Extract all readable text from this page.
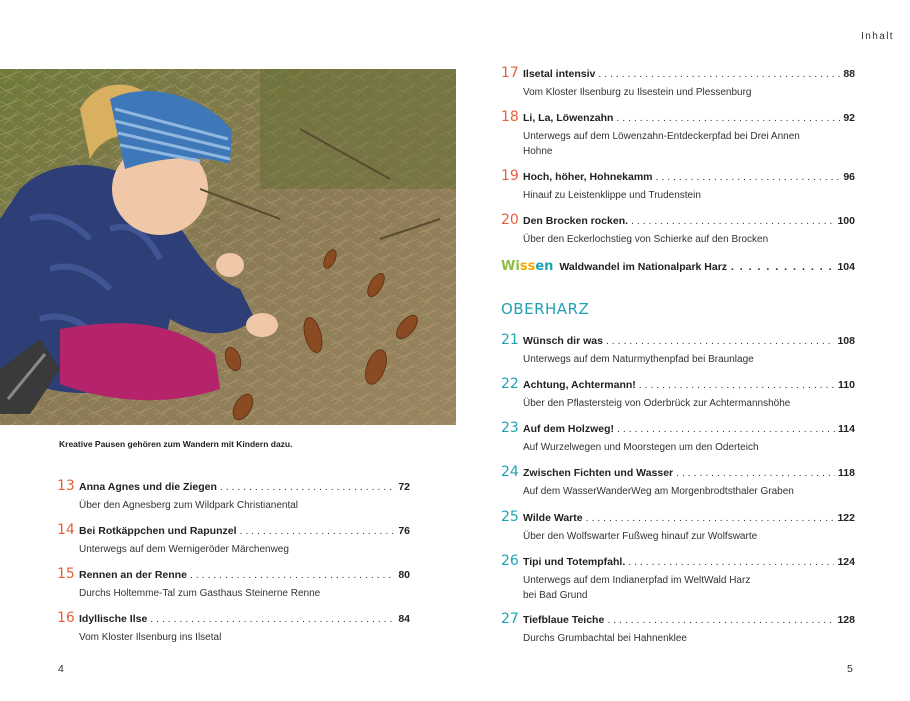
Inhalt
Kreative Pausen gehören zum Wandern mit Kindern dazu.
13 Anna Agnes und die Ziegen . . .	72
Über den Agnesberg zum Wildpark Christianental
14 Bei Rotkäppchen und Rapunzel . . .	76
Unterwegs auf dem Wernigeröder Märchenweg
15 Rennen an der Renne . . .	80
Durchs Holtemme-Tal zum Gasthaus Steinerne Renne
16 Idyllische Ilse . . .	84
Vom Kloster Ilsenburg ins Ilsetal
4
17 Ilsetal intensiv . . .	88
Vom Kloster Ilsenburg zu Ilsestein und Plessenburg
18 Li, La, Löwenzahn . . .	92
Unterwegs auf dem Löwenzahn-Entdeckerpfad bei Drei Annen
Hohne
19 Hoch, höher, Hohnekamm . . .	96
Hinauf zu Leistenklippe und Trudenstein
20 Den Brocken rocken. . . .	100
Über den Eckerlochstieg von Schierke auf den Brocken
Wissen Waldwandel im Nationalpark Harz . . .	104
OBERHARZ
21 Wünsch dir was . . .	108
Unterwegs auf dem Naturmythenpfad bei Braunlage
22 Achtung, Achtermann! . . .	110
Über den Pflastersteig von Oderbrück zur Achtermannshöhe
23 Auf dem Holzweg! . . .	114
Auf Wurzelwegen und Moorstegen um den Oderteich
24 Zwischen Fichten und Wasser . . .	118
Auf dem WasserWanderWeg am Morgenbrodtsthaler Graben
25 Wilde Warte . . .	122
Über den Wolfswarter Fußweg hinauf zur Wolfswarte
26 Tipi und Totempfahl. . . .	124
Unterwegs auf dem Indianerpfad im WeltWald Harz
bei Bad Grund
27 Tiefblaue Teiche . . .	128
Durchs Grumbachtal bei Hahnenklee
5
